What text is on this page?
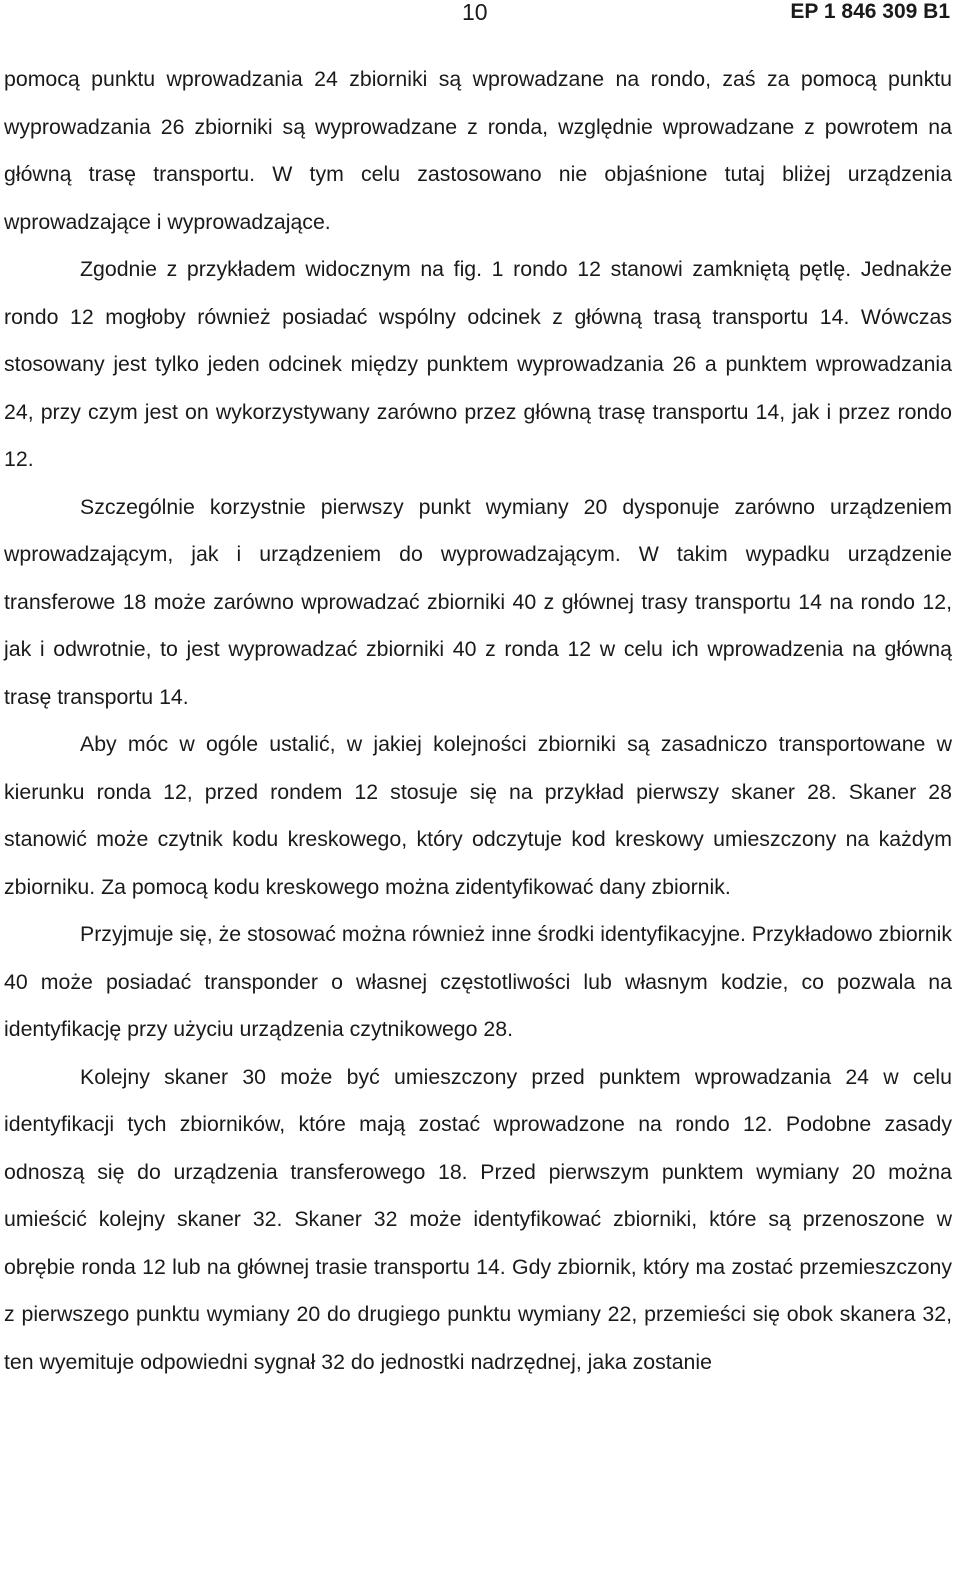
10	EP 1 846 309 B1

pomocą punktu wprowadzania 24 zbiorniki są wprowadzane na rondo, zaś za pomocą punktu wyprowadzania 26 zbiorniki są wyprowadzane z ronda, względnie wprowadzane z powrotem na główną trasę transportu. W tym celu zastosowano nie objaśnione tutaj bliżej urządzenia wprowadzające i wyprowadzające.

Zgodnie z przykładem widocznym na fig. 1 rondo 12 stanowi zamkniętą pętlę. Jednakże rondo 12 mogłoby również posiadać wspólny odcinek z główną trasą transportu 14. Wówczas stosowany jest tylko jeden odcinek między punktem wyprowadzania 26 a punktem wprowadzania 24, przy czym jest on wykorzystywany zarówno przez główną trasę transportu 14, jak i przez rondo 12.

Szczególnie korzystnie pierwszy punkt wymiany 20 dysponuje zarówno urządzeniem wprowadzającym, jak i urządzeniem do wyprowadzającym. W takim wypadku urządzenie transferowe 18 może zarówno wprowadzać zbiorniki 40 z głównej trasy transportu 14 na rondo 12, jak i odwrotnie, to jest wyprowadzać zbiorniki 40 z ronda 12 w celu ich wprowadzenia na główną trasę transportu 14.

Aby móc w ogóle ustalić, w jakiej kolejności zbiorniki są zasadniczo transportowane w kierunku ronda 12, przed rondem 12 stosuje się na przykład pierwszy skaner 28. Skaner 28 stanowić może czytnik kodu kreskowego, który odczytuje kod kreskowy umieszczony na każdym zbiorniku. Za pomocą kodu kreskowego można zidentyfikować dany zbiornik.

Przyjmuje się, że stosować można również inne środki identyfikacyjne. Przykładowo zbiornik 40 może posiadać transponder o własnej częstotliwości lub własnym kodzie, co pozwala na identyfikację przy użyciu urządzenia czytnikowego 28.

Kolejny skaner 30 może być umieszczony przed punktem wprowadzania 24 w celu identyfikacji tych zbiorników, które mają zostać wprowadzone na rondo 12. Podobne zasady odnoszą się do urządzenia transferowego 18. Przed pierwszym punktem wymiany 20 można umieścić kolejny skaner 32. Skaner 32 może identyfikować zbiorniki, które są przenoszone w obrębie ronda 12 lub na głównej trasie transportu 14. Gdy zbiornik, który ma zostać przemieszczony z pierwszego punktu wymiany 20 do drugiego punktu wymiany 22, przemieści się obok skanera 32, ten wyemituje odpowiedni sygnał 32 do jednostki nadrzędnej, jaka zostanie
